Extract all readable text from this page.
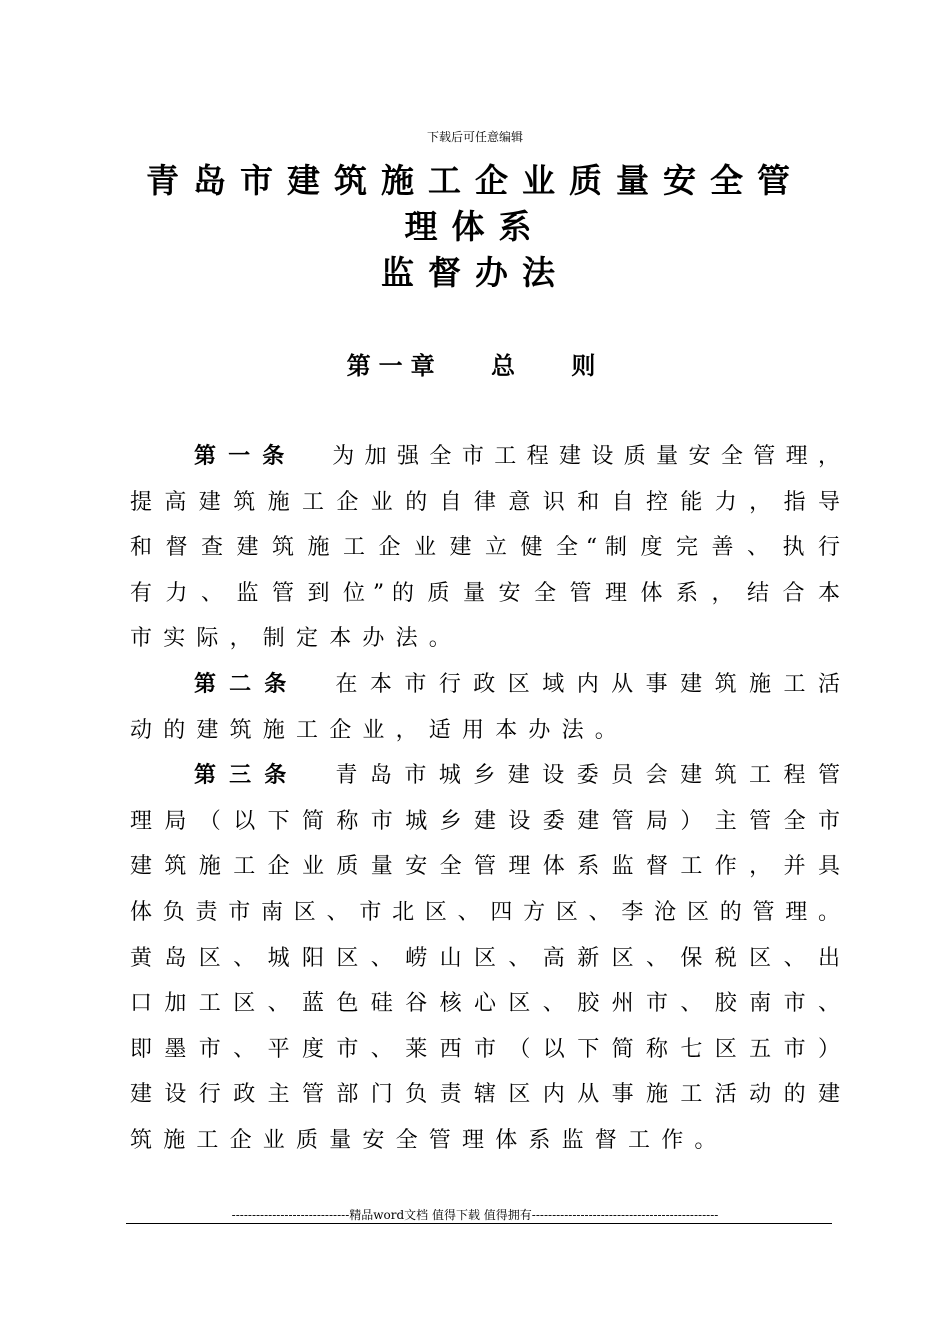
下载后可任意编辑
青岛市建筑施工企业质量安全管
理体系
监督办法
第一章　 总　 则
第一条 为 加 强 全 市 工 程 建 设 质 量 安 全 管 理 ，
提 高 建 筑 施 工 企 业 的 自 律 意 识 和 自 控 能 力 ， 指 导
和 督 查 建 筑 施 工 企 业 建 立 健 全 “ 制 度 完 善 、 执 行
有 力 、 监 管 到 位 ” 的 质 量 安 全 管 理 体 系 ， 结 合 本
市实际，制定本办法。
第二条 在 本 市 行 政 区 域 内 从 事 建 筑 施 工 活
动的建筑施工企业，适用本办法。
第三条 青 岛 市 城 乡 建 设 委 员 会 建 筑 工 程 管
理 局 （ 以 下 简 称 市 城 乡 建 设 委 建 管 局 ） 主 管 全 市
建 筑 施 工 企 业 质 量 安 全 管 理 体 系 监 督 工 作 ， 并 具
体 负 责 市 南 区 、 市 北 区 、 四 方 区 、 李 沧 区 的 管 理 。
黄 岛 区 、 城 阳 区 、 崂 山 区 、 高 新 区 、 保 税 区 、 出
口 加 工 区 、 蓝 色 硅 谷 核 心 区 、 胶 州 市 、 胶 南 市 、
即 墨 市 、 平 度 市 、 莱 西 市 （ 以 下 简 称 七 区 五 市 ）
建 设 行 政 主 管 部 门 负 责 辖 区 内 从 事 施 工 活 动 的 建
筑施工企业质量安全管理体系监督工作。
-----------------------------精品word文档 值得下载 值得拥有----------------------------------------------
